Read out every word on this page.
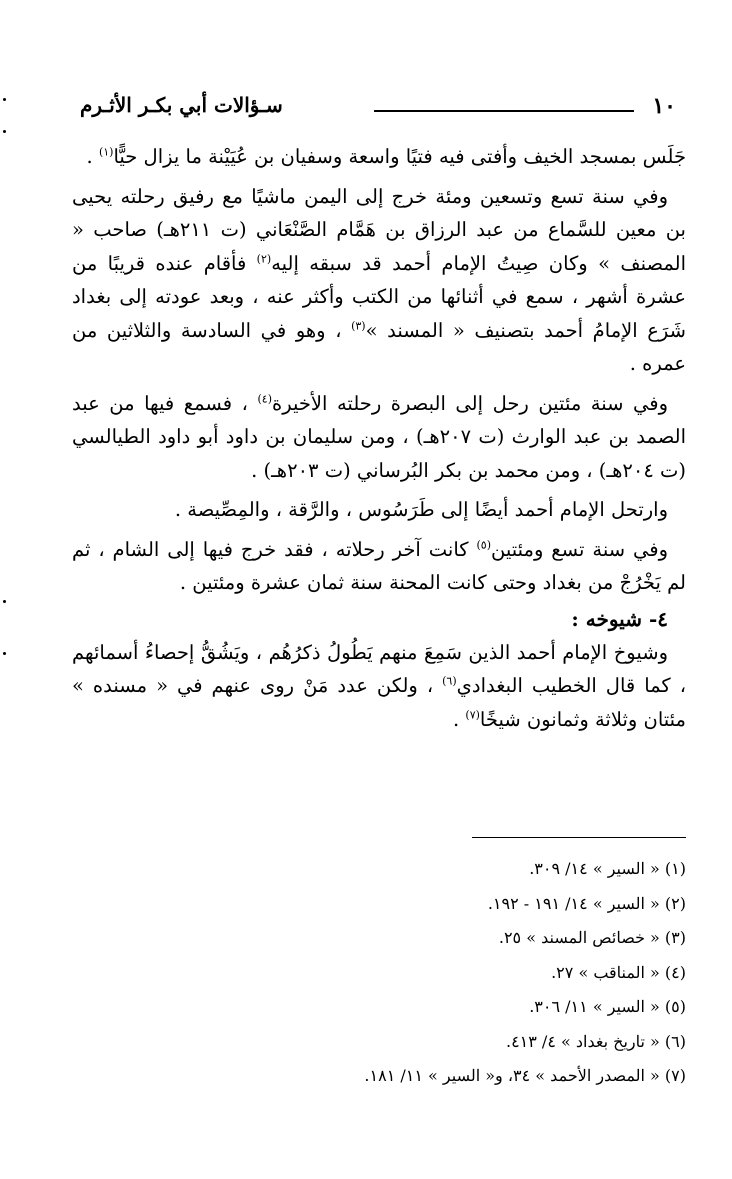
١٠
سـؤالات أبي بكـر الأثـرم

جَلَس بمسجد الخيف وأفتى فيه فتيًا واسعة وسفيان بن عُيَيْنة ما يزال حيًّا$^{(١)}$ .

وفي سنة تسع وتسعين ومئة خرج إلى اليمن ماشيًا مع رفيق رحلته يحيى بن معين للسَّماع من عبد الرزاق بن هَمَّام الصَّنْعَاني (ت ٢١١هـ) صاحب « المصنف » وكان صِيتُ الإمام أحمد قد سبقه إليه$^{(٢)}$ فأقام عنده قريبًا من عشرة أشهر ، سمع في أثنائها من الكتب وأكثر عنه ، وبعد عودته إلى بغداد شَرَع الإمامُ أحمد بتصنيف « المسند »$^{(٣)}$ ، وهو في السادسة والثلاثين من عمره .

وفي سنة مئتين رحل إلى البصرة رحلته الأخيرة$^{(٤)}$ ، فسمع فيها من عبد الصمد بن عبد الوارث (ت ٢٠٧هـ) ، ومن سليمان بن داود أبو داود الطيالسي (ت ٢٠٤هـ) ، ومن محمد بن بكر البُرساني (ت ٢٠٣هـ) .

وارتحل الإمام أحمد أيضًا إلى طَرَسُوس ، والرَّقة ، والمِصِّيصة .

وفي سنة تسع ومئتين$^{(٥)}$ كانت آخر رحلاته ، فقد خرج فيها إلى الشام ، ثم لم يَخْرُجْ من بغداد وحتى كانت المحنة سنة ثمان عشرة ومئتين .

٤- شيوخه :

وشيوخ الإمام أحمد الذين سَمِعَ منهم يَطُولُ ذكرُهُم ، ويَشُقُّ إحصاءُ أسمائهم ، كما قال الخطيب البغدادي$^{(٦)}$ ، ولكن عدد مَنْ روى عنهم في « مسنده » مئتان وثلاثة وثمانون شيخًا$^{(٧)}$ .

(١) « السير » ١٤/ ٣٠٩.
(٢) « السير » ١٤/ ١٩١ - ١٩٢.
(٣) « خصائص المسند » ٢٥.
(٤) « المناقب » ٢٧.
(٥) « السير » ١١/ ٣٠٦.
(٦) « تاريخ بغداد » ٤/ ٤١٣.
(٧) « المصدر الأحمد » ٣٤، و« السير » ١١/ ١٨١.
